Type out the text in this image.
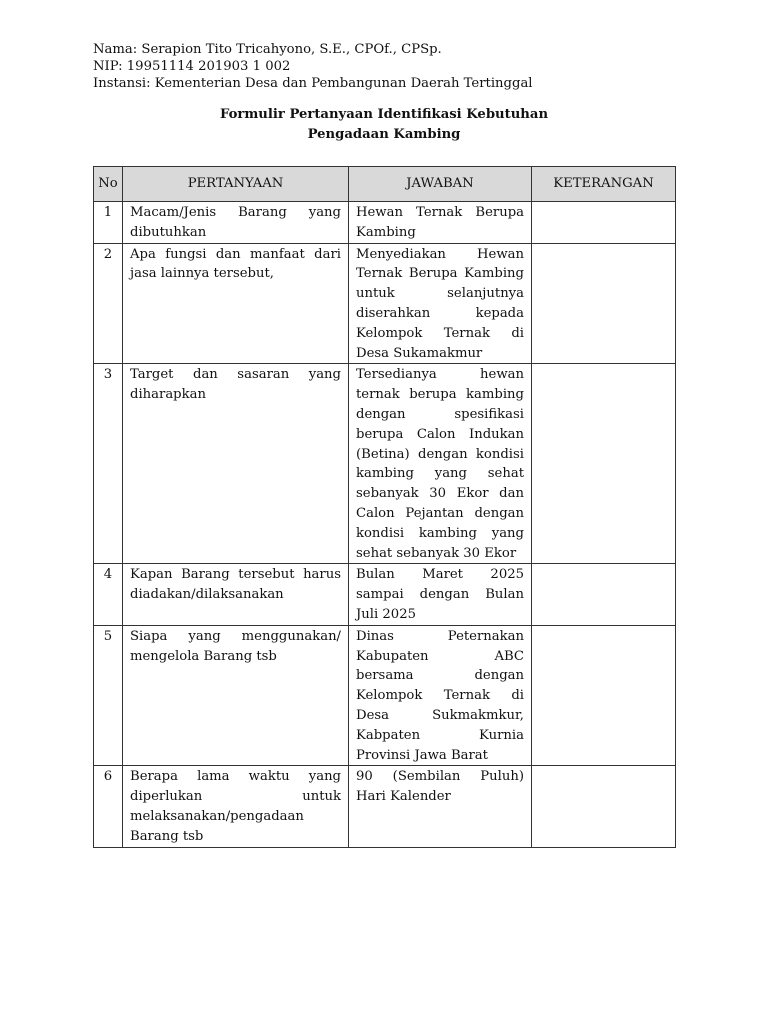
Nama: Serapion Tito Tricahyono, S.E., CPOf., CPSp.
NIP: 19951114 201903 1 002
Instansi: Kementerian Desa dan Pembangunan Daerah Tertinggal
Formulir Pertanyaan Identifikasi Kebutuhan
Pengadaan Kambing
No	PERTANYAAN	JAWABAN	KETERANGAN
1	Macam/Jenis Barang yang dibutuhkan	Hewan Ternak Berupa Kambing	
2	Apa fungsi dan manfaat dari jasa lainnya tersebut,	Menyediakan Hewan Ternak Berupa Kambing untuk selanjutnya diserahkan kepada Kelompok Ternak di Desa Sukamakmur	
3	Target dan sasaran yang diharapkan	Tersedianya hewan ternak berupa kambing dengan spesifikasi berupa Calon Indukan (Betina) dengan kondisi kambing yang sehat sebanyak 30 Ekor dan Calon Pejantan dengan kondisi kambing yang sehat sebanyak 30 Ekor	
4	Kapan Barang tersebut harus diadakan/dilaksanakan	Bulan Maret 2025 sampai dengan Bulan Juli 2025	
5	Siapa yang menggunakan/ mengelola Barang tsb	Dinas Peternakan Kabupaten ABC bersama dengan Kelompok Ternak di Desa Sukmakmkur, Kabpaten Kurnia Provinsi Jawa Barat	
6	Berapa lama waktu yang diperlukan untuk melaksanakan/pengadaan Barang tsb	90 (Sembilan Puluh) Hari Kalender	
